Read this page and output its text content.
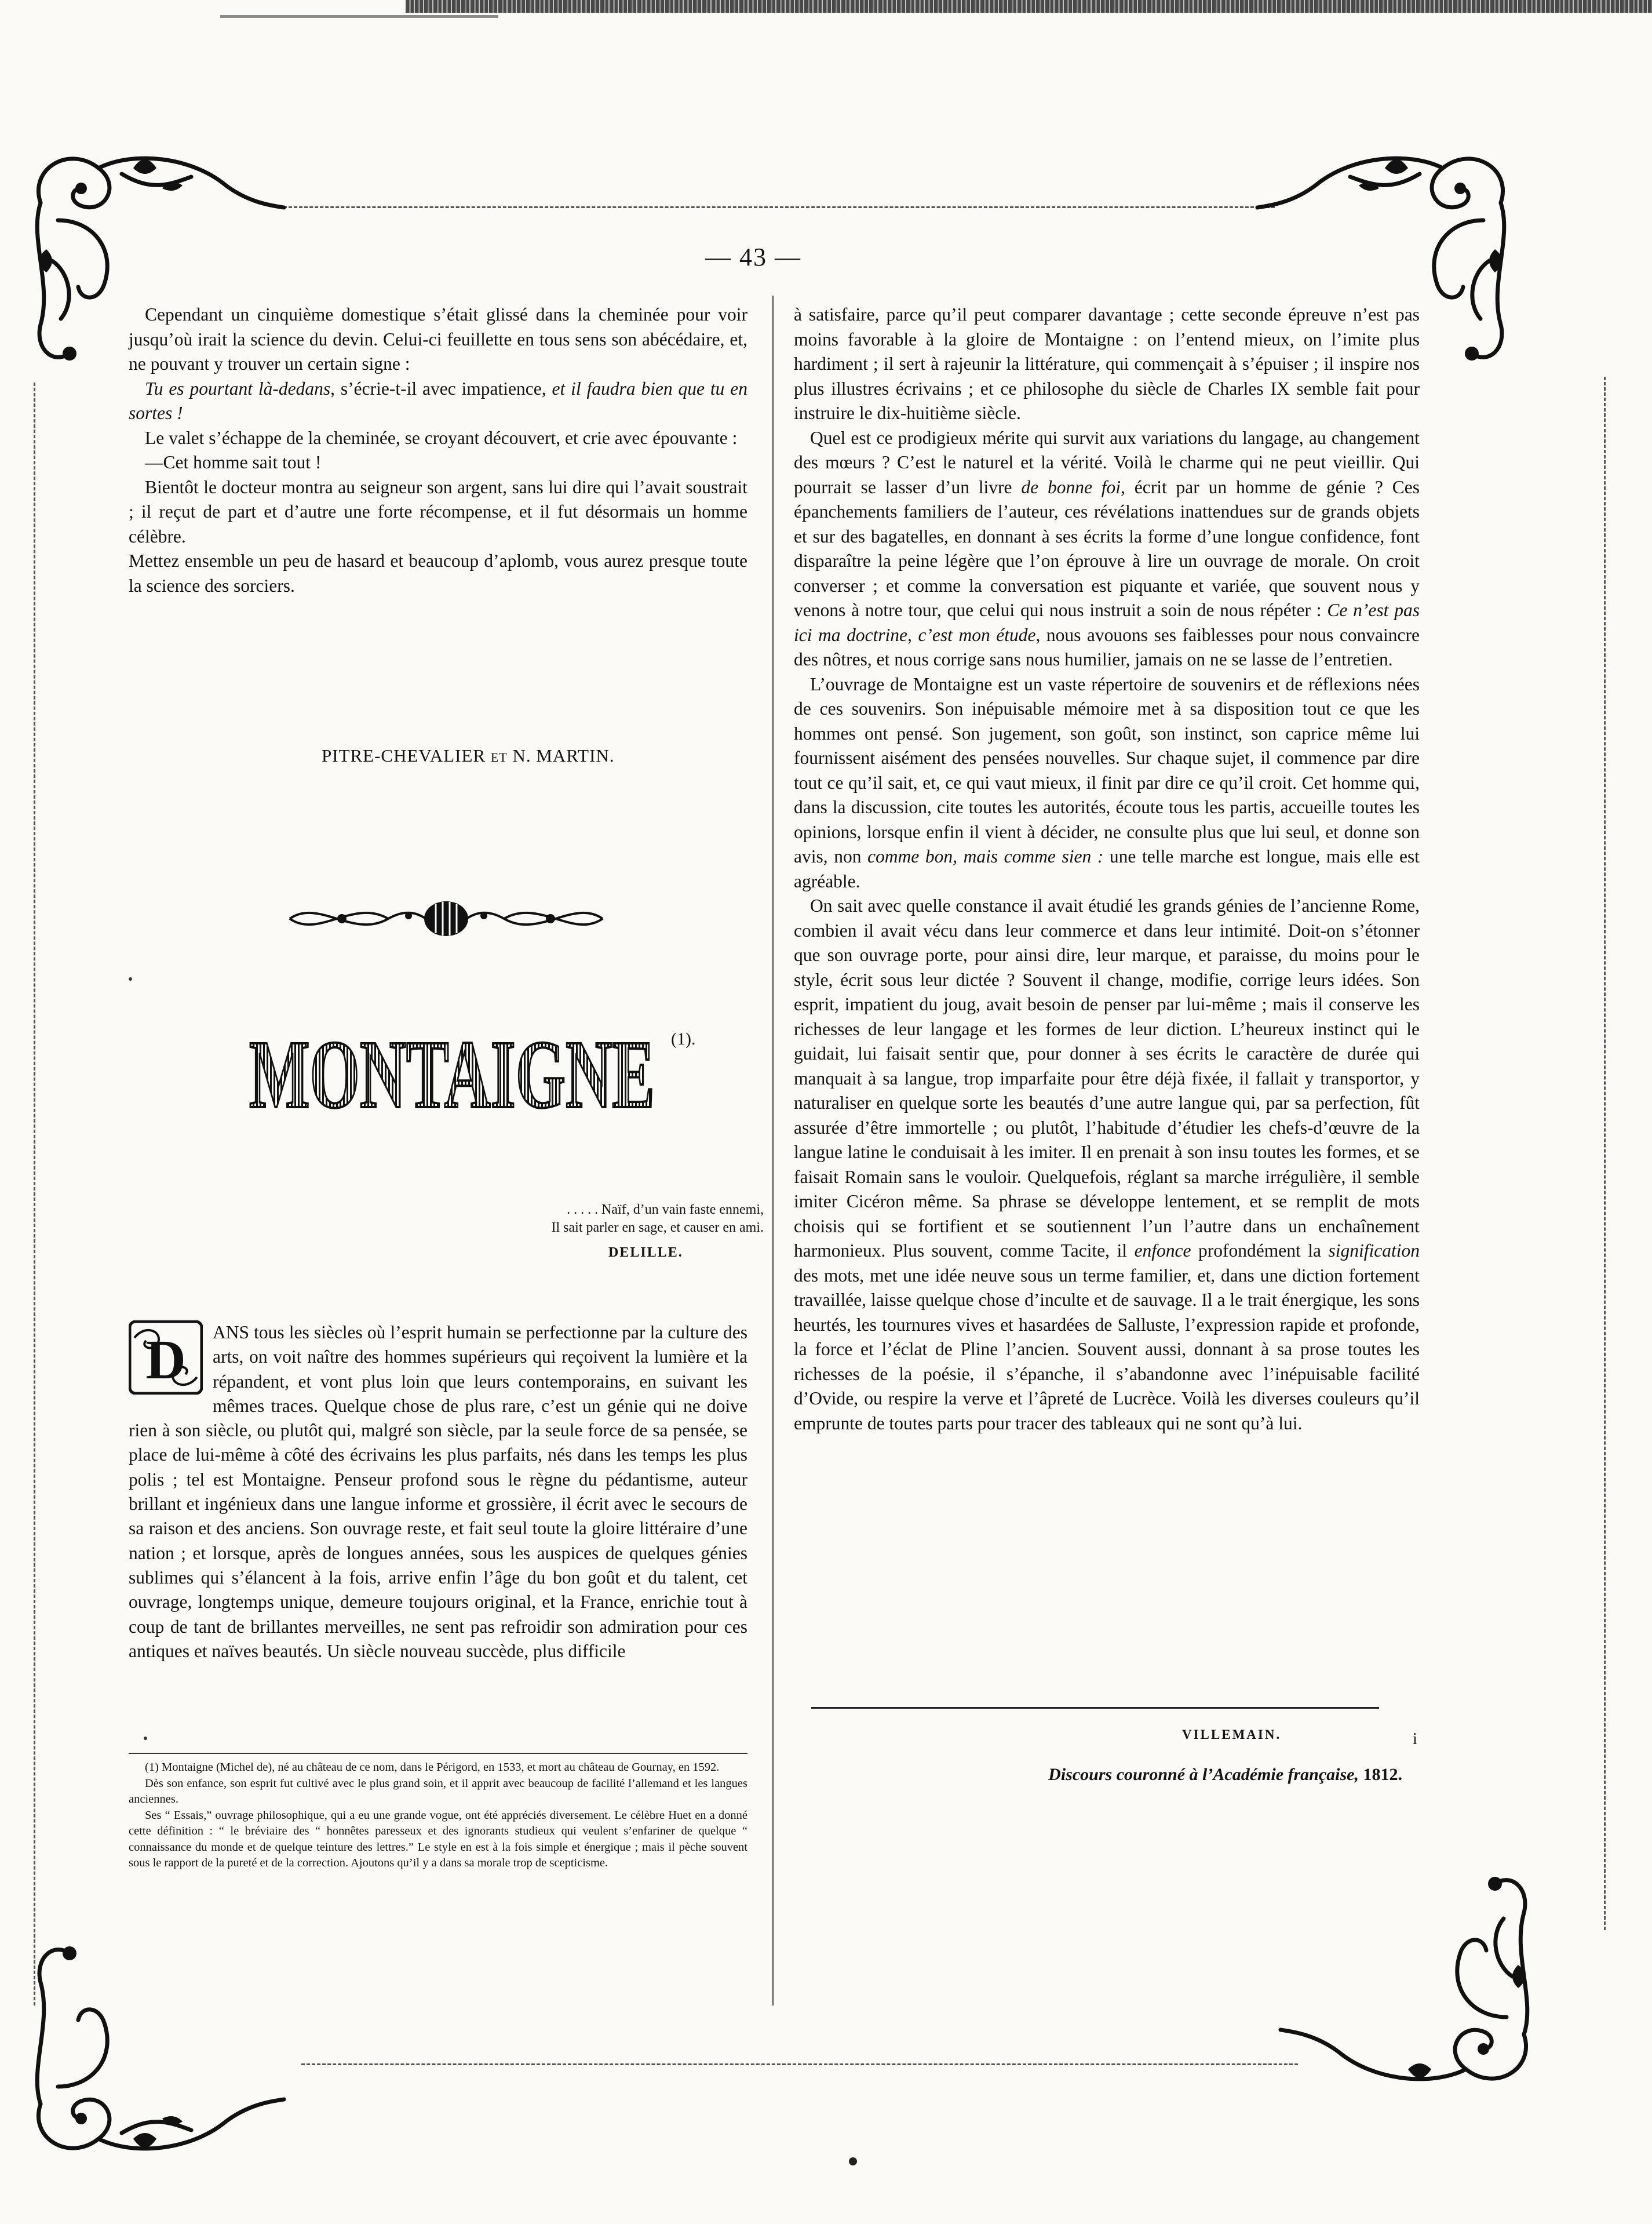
— 43 —

Cependant un cinquième domestique s’était glissé dans la cheminée pour voir jusqu’où irait la science du devin. Celui-ci feuillette en tous sens son abécédaire, et, ne pouvant y trouver un certain signe :

Tu es pourtant là-dedans, s’écrie-t-il avec impatience, et il faudra bien que tu en sortes !

Le valet s’échappe de la cheminée, se croyant découvert, et crie avec épouvante :

—Cet homme sait tout !

Bientôt le docteur montra au seigneur son argent, sans lui dire qui l’avait soustrait ; il reçut de part et d’autre une forte récompense, et il fut désormais un homme célèbre.

Mettez ensemble un peu de hasard et beaucoup d’aplomb, vous aurez presque toute la science des sorciers.

PITRE-CHEVALIER ET N. MARTIN.
MONTAIGNE (1).
. . . . . Naïf, d’un vain faste ennemi,
Il sait parler en sage, et causer en ami.
DELILLE.

ANS tous les siècles où l’esprit humain se perfectionne par la culture des arts, on voit naître des hommes supérieurs qui reçoivent la lumière et la répandent, et vont plus loin que leurs contemporains, en suivant les mêmes traces. Quelque chose de plus rare, c’est un génie qui ne doive rien à son siècle, ou plutôt qui, malgré son siècle, par la seule force de sa pensée, se place de lui-même à côté des écrivains les plus parfaits, nés dans les temps les plus polis ; tel est Montaigne. Penseur profond sous le règne du pédantisme, auteur brillant et ingénieux dans une langue informe et grossière, il écrit avec le secours de sa raison et des anciens. Son ouvrage reste, et fait seul toute la gloire littéraire d’une nation ; et lorsque, après de longues années, sous les auspices de quelques génies sublimes qui s’élancent à la fois, arrive enfin l’âge du bon goût et du talent, cet ouvrage, longtemps unique, demeure toujours original, et la France, enrichie tout à coup de tant de brillantes merveilles, ne sent pas refroidir son admiration pour ces antiques et naïves beautés. Un siècle nouveau succède, plus difficile

D

(1) Montaigne (Michel de), né au château de ce nom, dans le Périgord, en 1533, et mort au château de Gournay, en 1592.

Dès son enfance, son esprit fut cultivé avec le plus grand soin, et il apprit avec beaucoup de facilité l’allemand et les langues anciennes.

Ses “ Essais,” ouvrage philosophique, qui a eu une grande vogue, ont été appréciés diversement. Le célèbre Huet en a donné cette définition : “ le bréviaire des “ honnêtes paresseux et des ignorants studieux qui veulent s’enfariner de quelque “ connaissance du monde et de quelque teinture des lettres.” Le style en est à la fois simple et énergique ; mais il pèche souvent sous le rapport de la pureté et de la correction. Ajoutons qu’il y a dans sa morale trop de scepticisme.

à satisfaire, parce qu’il peut comparer davantage ; cette seconde épreuve n’est pas moins favorable à la gloire de Montaigne : on l’entend mieux, on l’imite plus hardiment ; il sert à rajeunir la littérature, qui commençait à s’épuiser ; il inspire nos plus illustres écrivains ; et ce philosophe du siècle de Charles IX semble fait pour instruire le dix-huitième siècle.

Quel est ce prodigieux mérite qui survit aux variations du langage, au changement des mœurs ? C’est le naturel et la vérité. Voilà le charme qui ne peut vieillir. Qui pourrait se lasser d’un livre de bonne foi, écrit par un homme de génie ? Ces épanchements familiers de l’auteur, ces révélations inattendues sur de grands objets et sur des bagatelles, en donnant à ses écrits la forme d’une longue confidence, font disparaître la peine légère que l’on éprouve à lire un ouvrage de morale. On croit converser ; et comme la conversation est piquante et variée, que souvent nous y venons à notre tour, que celui qui nous instruit a soin de nous répéter : Ce n’est pas ici ma doctrine, c’est mon étude, nous avouons ses faiblesses pour nous convaincre des nôtres, et nous corrige sans nous humilier, jamais on ne se lasse de l’entretien.

L’ouvrage de Montaigne est un vaste répertoire de souvenirs et de réflexions nées de ces souvenirs. Son inépuisable mémoire met à sa disposition tout ce que les hommes ont pensé. Son jugement, son goût, son instinct, son caprice même lui fournissent aisément des pensées nouvelles. Sur chaque sujet, il commence par dire tout ce qu’il sait, et, ce qui vaut mieux, il finit par dire ce qu’il croit. Cet homme qui, dans la discussion, cite toutes les autorités, écoute tous les partis, accueille toutes les opinions, lorsque enfin il vient à décider, ne consulte plus que lui seul, et donne son avis, non comme bon, mais comme sien : une telle marche est longue, mais elle est agréable.

On sait avec quelle constance il avait étudié les grands génies de l’ancienne Rome, combien il avait vécu dans leur commerce et dans leur intimité. Doit-on s’étonner que son ouvrage porte, pour ainsi dire, leur marque, et paraisse, du moins pour le style, écrit sous leur dictée ? Souvent il change, modifie, corrige leurs idées. Son esprit, impatient du joug, avait besoin de penser par lui-même ; mais il conserve les richesses de leur langage et les formes de leur diction. L’heureux instinct qui le guidait, lui faisait sentir que, pour donner à ses écrits le caractère de durée qui manquait à sa langue, trop imparfaite pour être déjà fixée, il fallait y transportor, y naturaliser en quelque sorte les beautés d’une autre langue qui, par sa perfection, fût assurée d’être immortelle ; ou plutôt, l’habitude d’étudier les chefs-d’œuvre de la langue latine le conduisait à les imiter. Il en prenait à son insu toutes les formes, et se faisait Romain sans le vouloir. Quelquefois, réglant sa marche irrégulière, il semble imiter Cicéron même. Sa phrase se développe lentement, et se remplit de mots choisis qui se fortifient et se soutiennent l’un l’autre dans un enchaînement harmonieux. Plus souvent, comme Tacite, il enfonce profondément la signification des mots, met une idée neuve sous un terme familier, et, dans une diction fortement travaillée, laisse quelque chose d’inculte et de sauvage. Il a le trait énergique, les sons heurtés, les tournures vives et hasardées de Salluste, l’expression rapide et profonde, la force et l’éclat de Pline l’ancien. Souvent aussi, donnant à sa prose toutes les richesses de la poésie, il s’épanche, il s’abandonne avec l’inépuisable facilité d’Ovide, ou respire la verve et l’âpreté de Lucrèce. Voilà les diverses couleurs qu’il emprunte de toutes parts pour tracer des tableaux qui ne sont qu’à lui.

VILLEMAIN.	i
Discours couronné à l’Académie française, 1812.
